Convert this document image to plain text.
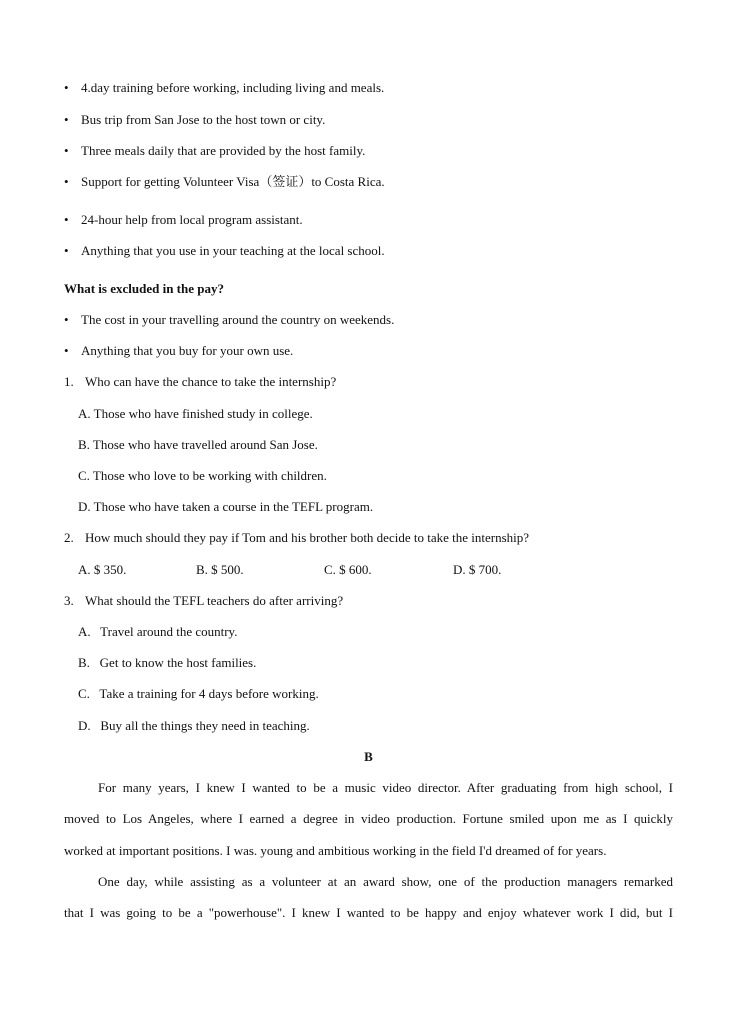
• 4.day training before working, including living and meals.
• Bus trip from San Jose to the host town or city.
• Three meals daily that are provided by the host family.
• Support for getting Volunteer Visa（签证）to Costa Rica.
• 24-hour help from local program assistant.
• Anything that you use in your teaching at the local school.
What is excluded in the pay?
• The cost in your travelling around the country on weekends.
• Anything that you buy for your own use.
1. Who can have the chance to take the internship?
A. Those who have finished study in college.
B. Those who have travelled around San Jose.
C. Those who love to be working with children.
D. Those who have taken a course in the TEFL program.
2. How much should they pay if Tom and his brother both decide to take the internship?
A. $ 350.	B. $ 500.	C. $ 600.	D. $ 700.
3. What should the TEFL teachers do after arriving?
A.   Travel around the country.
B.   Get to know the host families.
C.   Take a training for 4 days before working.
D.   Buy all the things they need in teaching.
B
For many years, I knew I wanted to be a music video director. After graduating from high school, I
moved to Los Angeles, where I earned a degree in video production. Fortune smiled upon me as I quickly
worked at important positions. I was. young and ambitious working in the field I'd dreamed of for years.
One day, while assisting as a volunteer at an award show, one of the production managers remarked
that I was going to be a "powerhouse". I knew I wanted to be happy and enjoy whatever work I did, but I
